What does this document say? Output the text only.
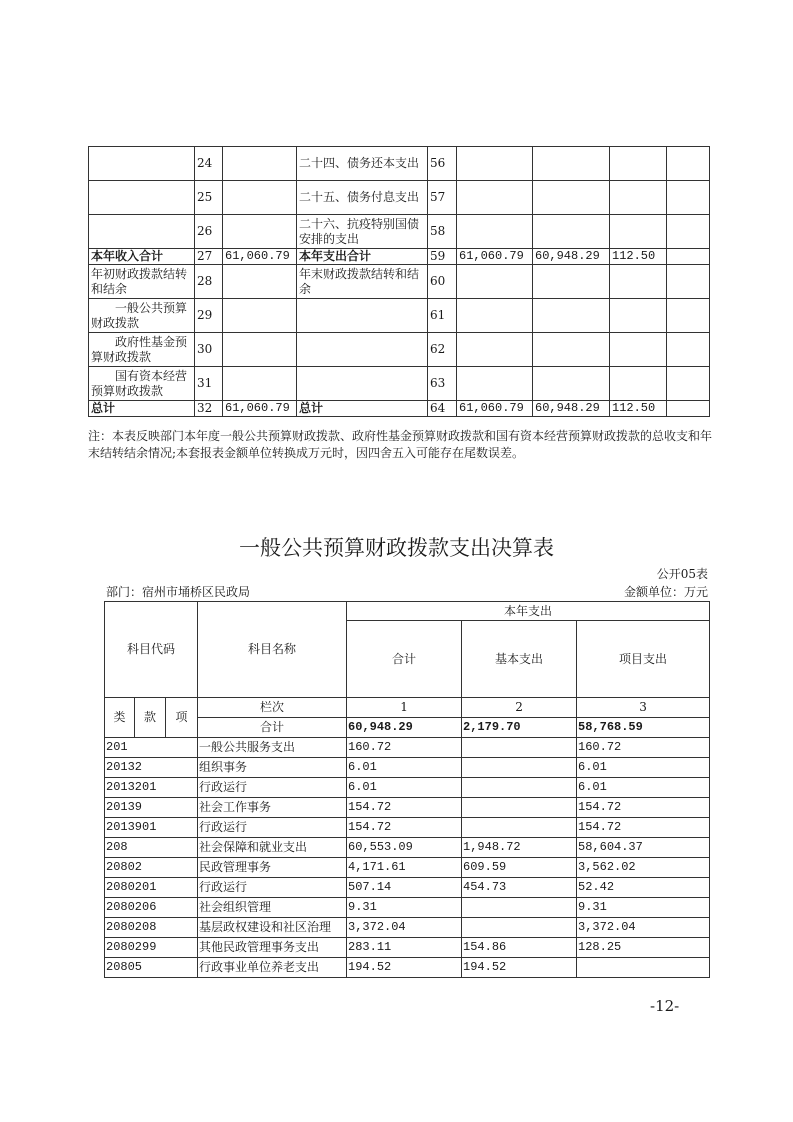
	24		二十四、债务还本支出	56				
	25		二十五、债务付息支出	57				
	26		二十六、抗疫特别国债安排的支出	58				
本年收入合计	27	61,060.79	本年支出合计	59	61,060.79	60,948.29	112.50	
年初财政拨款结转和结余	28		年末财政拨款结转和结余	60				
一般公共预算财政拨款	29			61				
政府性基金预算财政拨款	30			62				
国有资本经营预算财政拨款	31			63				
总计	32	61,060.79	总计	64	61,060.79	60,948.29	112.50	
注：本表反映部门本年度一般公共预算财政拨款、政府性基金预算财政拨款和国有资本经营预算财政拨款的总收支和年末结转结余情况;本套报表金额单位转换成万元时，因四舍五入可能存在尾数误差。
一般公共预算财政拨款支出决算表
公开05表
部门：宿州市埇桥区民政局	金额单位：万元
科目代码			科目名称	本年支出		
				合计	基本支出	项目支出
类	款	项	栏次	1	2	3
			合计	60,948.29	2,179.70	58,768.59
201			一般公共服务支出	160.72		160.72
20132			组织事务	6.01		6.01
2013201			行政运行	6.01		6.01
20139			社会工作事务	154.72		154.72
2013901			行政运行	154.72		154.72
208			社会保障和就业支出	60,553.09	1,948.72	58,604.37
20802			民政管理事务	4,171.61	609.59	3,562.02
2080201			行政运行	507.14	454.73	52.42
2080206			社会组织管理	9.31		9.31
2080208			基层政权建设和社区治理	3,372.04		3,372.04
2080299			其他民政管理事务支出	283.11	154.86	128.25
20805			行政事业单位养老支出	194.52	194.52	
-12-
